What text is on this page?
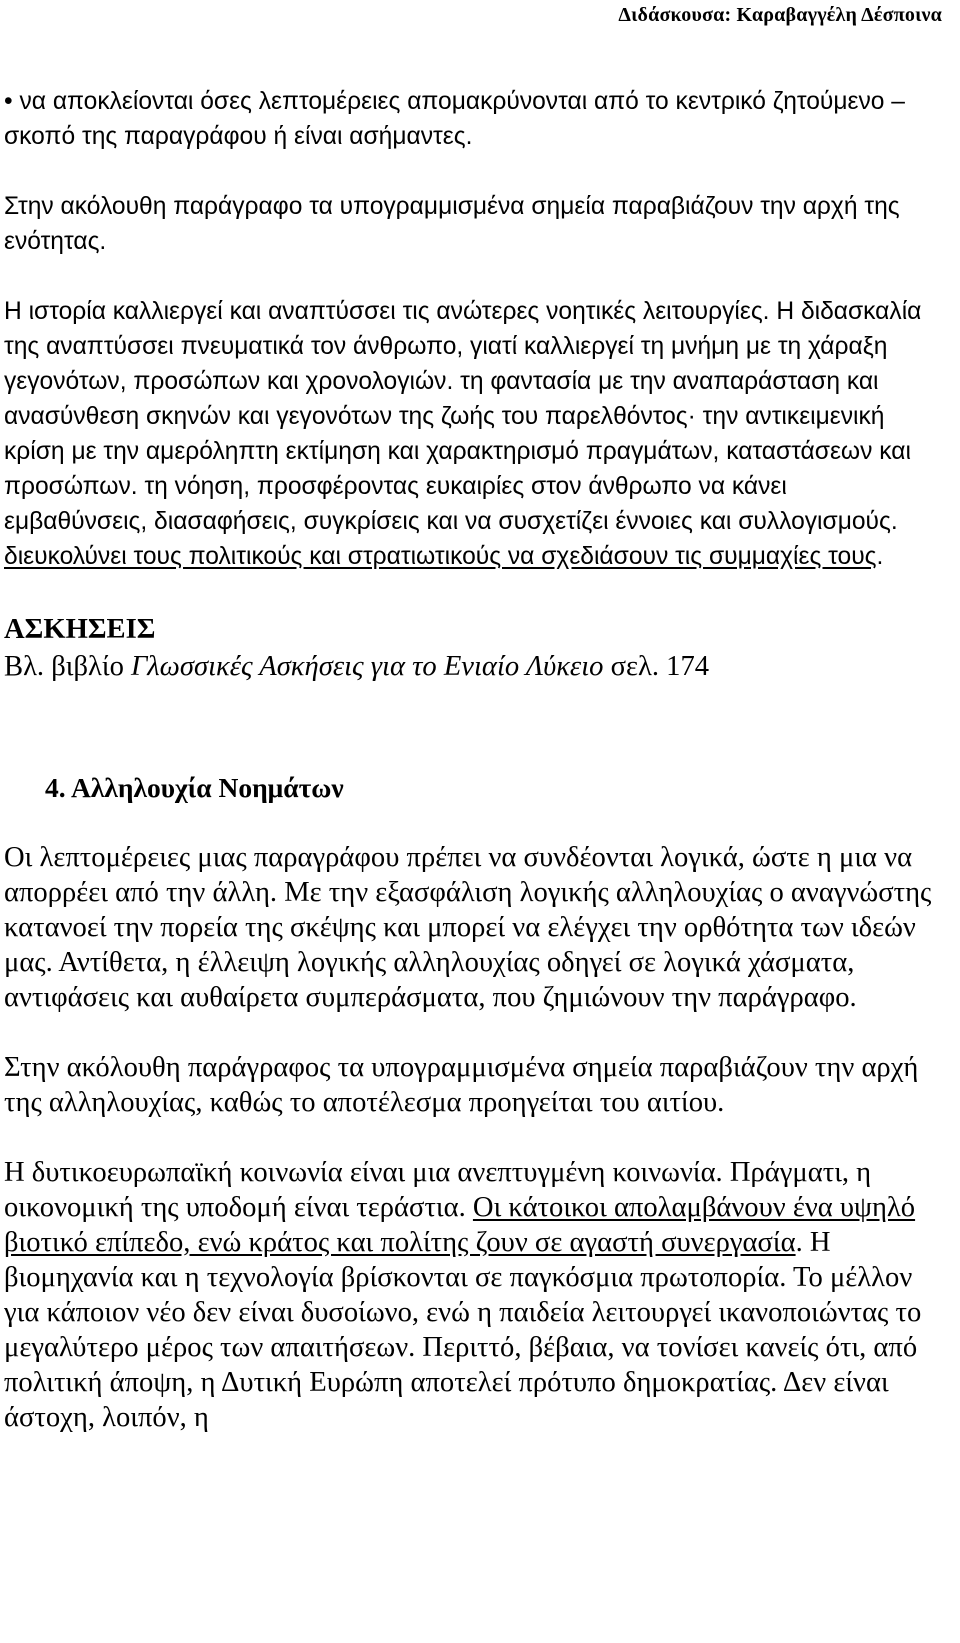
Διδάσκουσα: Καραβαγγέλη Δέσποινα

• να αποκλείονται όσες λεπτομέρειες απομακρύνονται από το κεντρικό ζητούμενο – σκοπό της παραγράφου ή είναι ασήμαντες.

Στην ακόλουθη παράγραφο τα υπογραμμισμένα σημεία παραβιάζουν την αρχή της ενότητας.

Η ιστορία καλλιεργεί και αναπτύσσει τις ανώτερες νοητικές λειτουργίες. Η διδασκαλία της αναπτύσσει πνευματικά τον άνθρωπο, γιατί καλλιεργεί τη μνήμη με τη χάραξη γεγονότων, προσώπων και χρονολογιών. τη φαντασία με την αναπαράσταση και ανασύνθεση σκηνών και γεγονότων της ζωής του παρελθόντος· την αντικειμενική κρίση με την αμερόληπτη εκτίμηση και χαρακτηρισμό πραγμάτων, καταστάσεων και προσώπων. τη νόηση, προσφέροντας ευκαιρίες στον άνθρωπο να κάνει εμβαθύνσεις, διασαφήσεις, συγκρίσεις και να συσχετίζει έννοιες και συλλογισμούς. διευκολύνει τους πολιτικούς και στρατιωτικούς να σχεδιάσουν τις συμμαχίες τους.

ΑΣΚΗΣΕΙΣ
Βλ. βιβλίο Γλωσσικές Ασκήσεις για το Ενιαίο Λύκειο σελ. 174
4. Αλληλουχία Νοημάτων

Οι λεπτομέρειες μιας παραγράφου πρέπει να συνδέονται λογικά, ώστε η μια να απορρέει από την άλλη. Με την εξασφάλιση λογικής αλληλουχίας ο αναγνώστης κατανοεί την πορεία της σκέψης και μπορεί να ελέγχει την ορθότητα των ιδεών μας. Αντίθετα, η έλλειψη λογικής αλληλουχίας οδηγεί σε λογικά χάσματα, αντιφάσεις και αυθαίρετα συμπεράσματα, που ζημιώνουν την παράγραφο.

Στην ακόλουθη παράγραφος τα υπογραμμισμένα σημεία παραβιάζουν την αρχή της αλληλουχίας, καθώς το αποτέλεσμα προηγείται του αιτίου.

Η δυτικοευρωπαϊκή κοινωνία είναι μια ανεπτυγμένη κοινωνία. Πράγματι, η οικονομική της υποδομή είναι τεράστια. Οι κάτοικοι απολαμβάνουν ένα υψηλό βιοτικό επίπεδο, ενώ κράτος και πολίτης ζουν σε αγαστή συνεργασία. Η βιομηχανία και η τεχνολογία βρίσκονται σε παγκόσμια πρωτοπορία. Το μέλλον για κάποιον νέο δεν είναι δυσοίωνο, ενώ η παιδεία λειτουργεί ικανοποιώντας το μεγαλύτερο μέρος των απαιτήσεων. Περιττό, βέβαια, να τονίσει κανείς ότι, από πολιτική άποψη, η Δυτική Ευρώπη αποτελεί πρότυπο δημοκρατίας. Δεν είναι άστοχη, λοιπόν, η
